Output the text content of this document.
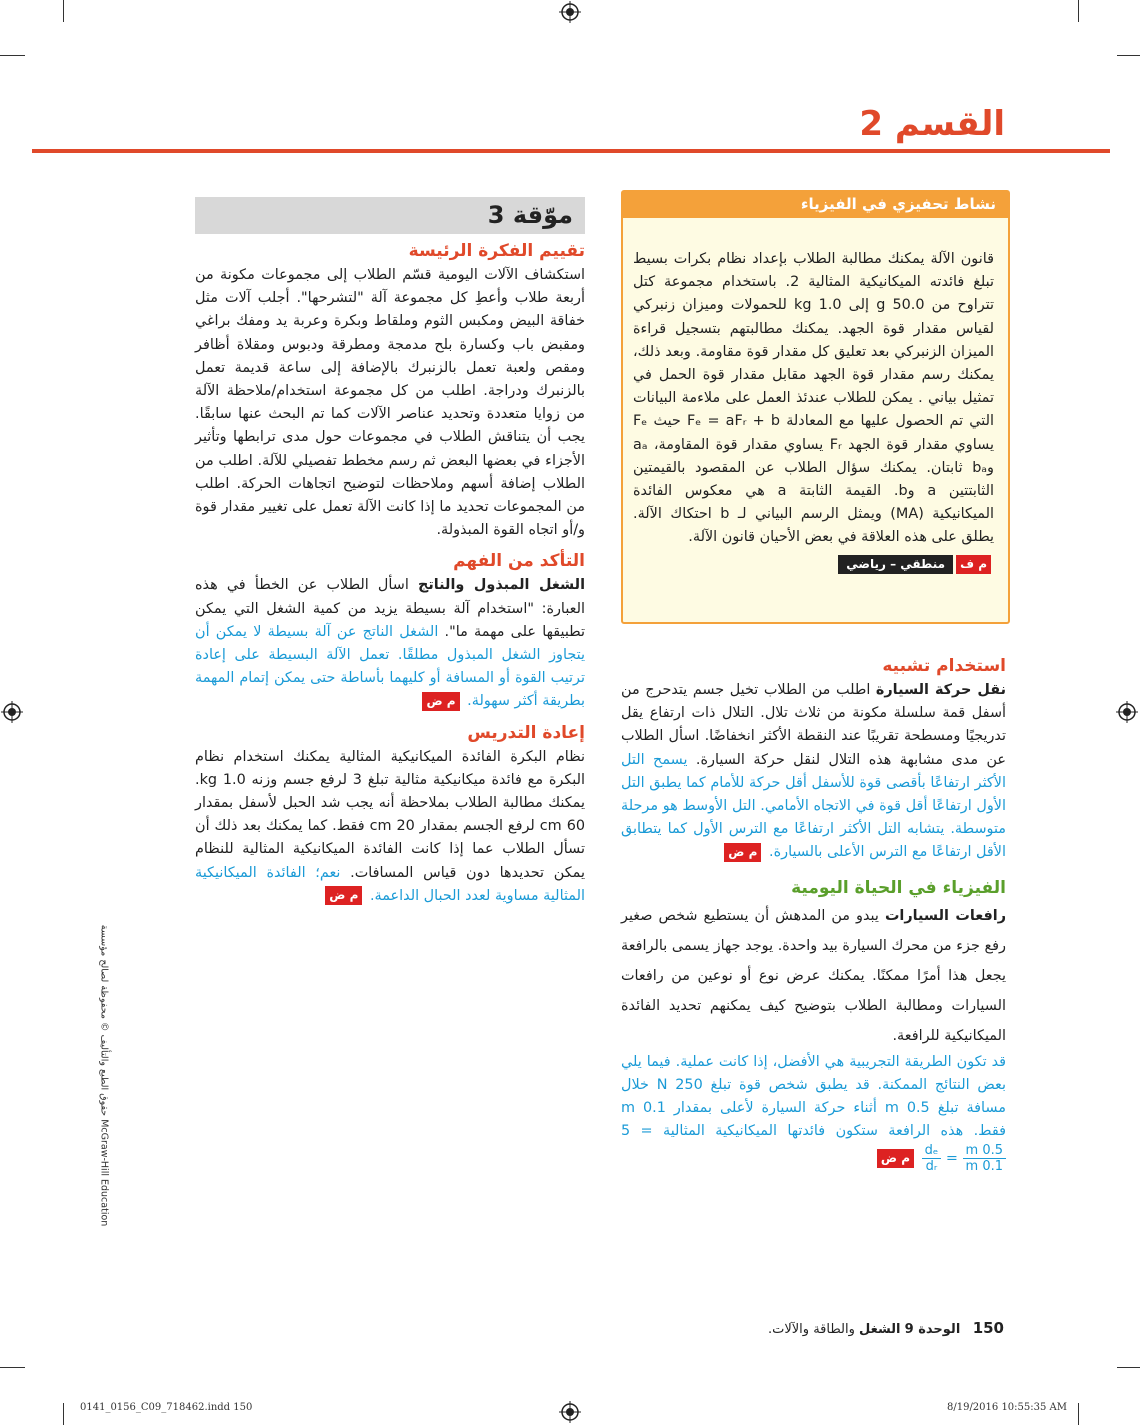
القسم 2
نشاط تحفيزي في الفيزياء
قانون الآلة يمكنك مطالبة الطلاب بإعداد نظام بكرات بسيط تبلغ فائدته الميكانيكية المثالية 2. باستخدام مجموعة كتل تتراوح من 50.0 g إلى 1.0 kg للحمولات وميزان زنبركي لقياس مقدار قوة الجهد. يمكنك مطالبتهم بتسجيل قراءة الميزان الزنبركي بعد تعليق كل مقدار قوة مقاومة. وبعد ذلك، يمكنك رسم مقدار قوة الجهد مقابل مقدار قوة الحمل في تمثيل بياني . يمكن للطلاب عندئذ العمل على ملاءمة البيانات التي تم الحصول عليها مع المعادلة Fₑ = aFᵣ + b حيث Fₑ يساوي مقدار قوة الجهد Fᵣ يساوي مقدار قوة المقاومة، aₐ وbₐ ثابتان. يمكنك سؤال الطلاب عن المقصود بالقيمتين الثابتتين a وb. القيمة الثابتة a هي معكوس الفائدة الميكانيكية (MA) ويمثل الرسم البياني لـ b احتكاك الآلة. يطلق على هذه العلاقة في بعض الأحيان قانون الآلة.
م فمنطقي – رياضي
3 موّقة
تقييم الفكرة الرئيسة
استكشاف الآلات اليومية قسّم الطلاب إلى مجموعات مكونة من أربعة طلاب وأعطِ كل مجموعة آلة "لتشرحها". أجلب آلات مثل خفاقة البيض ومكبس الثوم وملقاط وبكرة وعربة يد ومفك براغي ومقبض باب وكسارة بلح مدمجة ومطرقة ودبوس ومقلاة أظافر ومقص ولعبة تعمل بالزنبرك بالإضافة إلى ساعة قديمة تعمل بالزنبرك ودراجة. اطلب من كل مجموعة استخدام/ملاحظة الآلة من زوايا متعددة وتحديد عناصر الآلات كما تم البحث عنها سابقًا. يجب أن يتناقش الطلاب في مجموعات حول مدى ترابطها وتأثير الأجزاء في بعضها البعض ثم رسم مخطط تفصيلي للآلة. اطلب من الطلاب إضافة أسهم وملاحظات لتوضيح اتجاهات الحركة. اطلب من المجموعات تحديد ما إذا كانت الآلة تعمل على تغيير مقدار قوة و/أو اتجاه القوة المبذولة.
التأكد من الفهم
الشغل المبذول والناتج اسأل الطلاب عن الخطأ في هذه العبارة: "استخدام آلة بسيطة يزيد من كمية الشغل التي يمكن تطبيقها على مهمة ما". الشغل الناتج عن آلة بسيطة لا يمكن أن يتجاوز الشغل المبذول مطلقًا. تعمل الآلة البسيطة على إعادة ترتيب القوة أو المسافة أو كليهما بأساطة حتى يمكن إتمام المهمة بطريقة أكثر سهولة. م ض
إعادة التدريس
نظام البكرة الفائدة الميكانيكية المثالية يمكنك استخدام نظام البكرة مع فائدة ميكانيكية مثالية تبلغ 3 لرفع جسم وزنه 1.0 kg. يمكنك مطالبة الطلاب بملاحظة أنه يجب شد الحبل لأسفل بمقدار 60 cm لرفع الجسم بمقدار 20 cm فقط. كما يمكنك بعد ذلك أن تسأل الطلاب عما إذا كانت الفائدة الميكانيكية المثالية للنظام يمكن تحديدها دون قياس المسافات. نعم؛ الفائدة الميكانيكية المثالية مساوية لعدد الحبال الداعمة. م ض
استخدام تشبيه
نقل حركة السيارة اطلب من الطلاب تخيل جسم يتدحرج من أسفل قمة سلسلة مكونة من ثلاث تلال. التلال ذات ارتفاع يقل تدريجيًا ومسطحة تقريبًا عند النقطة الأكثر انخفاضًا. اسأل الطلاب عن مدى مشابهة هذه التلال لنقل حركة السيارة. يسمح التل الأكثر ارتفاعًا بأقصى قوة للأسفل أقل حركة للأمام كما يطبق التل الأول ارتفاعًا أقل قوة في الاتجاه الأمامي. التل الأوسط هو مرحلة متوسطة. يتشابه التل الأكثر ارتفاعًا مع الترس الأول كما يتطابق الأقل ارتفاعًا مع الترس الأعلى بالسيارة. م ض
الفيزياء في الحياة اليومية
رافعات السيارات يبدو من المدهش أن يستطيع شخص صغير رفع جزء من محرك السيارة بيد واحدة. يوجد جهاز يسمى بالرافعة يجعل هذا أمرًا ممكنًا. يمكنك عرض نوع أو نوعين من رافعات السيارات ومطالبة الطلاب بتوضيح كيف يمكنهم تحديد الفائدة الميكانيكية للرافعة.
قد تكون الطريقة التجريبية هي الأفضل، إذا كانت عملية. فيما يلي بعض النتائج الممكنة. قد يطبق شخص قوة تبلغ 250 N خلال مسافة تبلغ 0.5 m أثناء حركة السيارة لأعلى بمقدار 0.1 m فقط. هذه الرافعة ستكون فائدتها الميكانيكية المثالية = 5
$\frac{0.5 m}{0.1 m}$
=
$\frac{\text{dₑ}}{\text{dᵣ}}$
م ض
حقوق الطبع والتأليف © محفوظة لصالح مؤسسة McGraw-Hill Education
150   الوحدة 9 الشغل والطاقة والآلات.
0141_0156_C09_718462.indd 150	8/19/2016 10:55:35 AM
